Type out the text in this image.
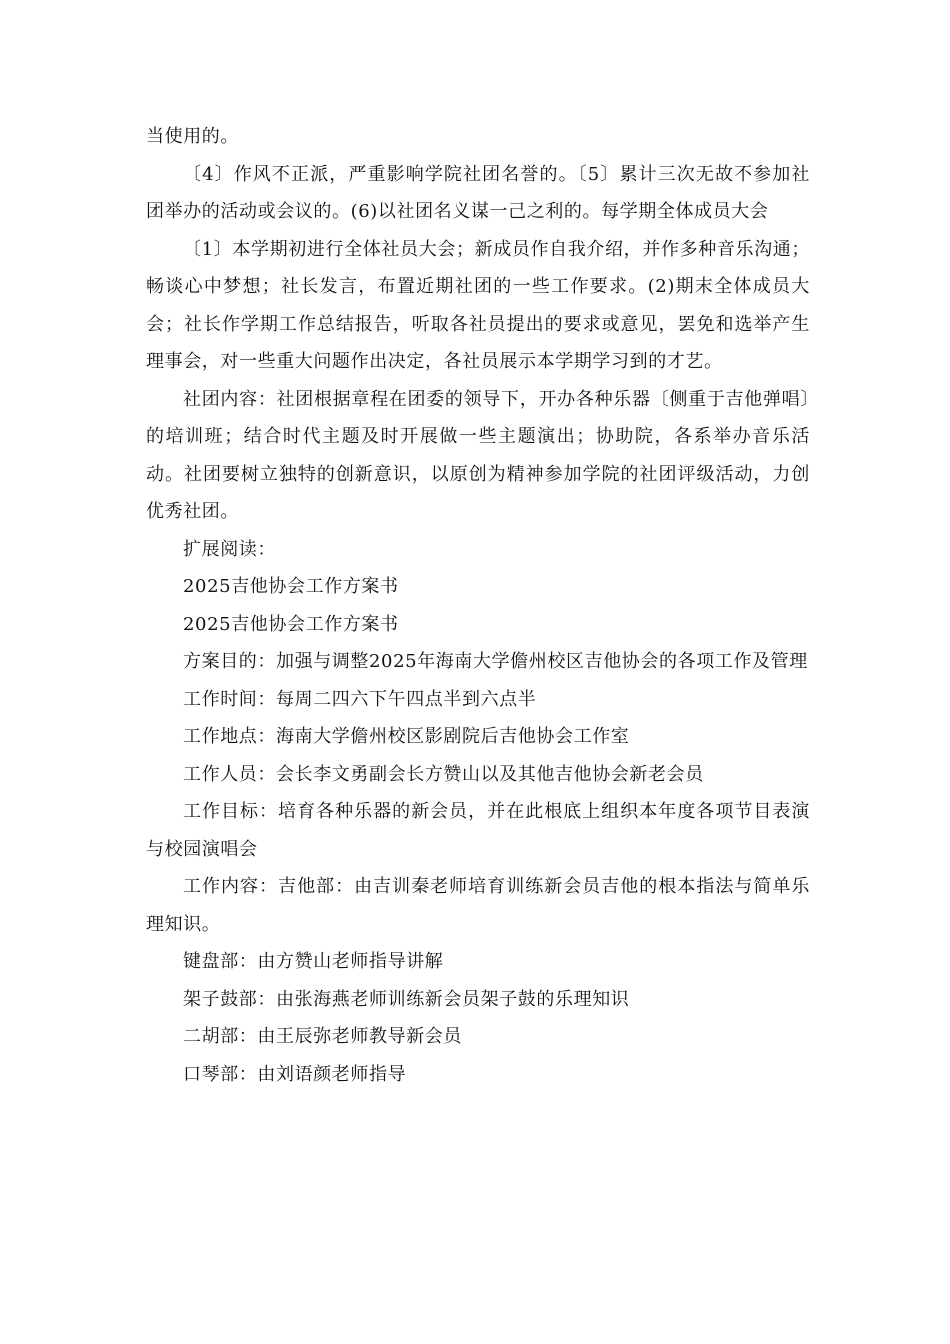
当使用的。

〔4〕作风不正派，严重影响学院社团名誉的。〔5〕累计三次无故不参加社团举办的活动或会议的。(6)以社团名义谋一己之利的。每学期全体成员大会

〔1〕本学期初进行全体社员大会；新成员作自我介绍，并作多种音乐沟通；畅谈心中梦想；社长发言，布置近期社团的一些工作要求。(2)期末全体成员大会；社长作学期工作总结报告，听取各社员提出的要求或意见，罢免和选举产生理事会，对一些重大问题作出决定，各社员展示本学期学习到的才艺。

社团内容：社团根据章程在团委的领导下，开办各种乐器〔侧重于吉他弹唱〕的培训班；结合时代主题及时开展做一些主题演出；协助院，各系举办音乐活动。社团要树立独特的创新意识，以原创为精神参加学院的社团评级活动，力创优秀社团。

扩展阅读：

2025吉他协会工作方案书

2025吉他协会工作方案书

方案目的：加强与调整2025年海南大学儋州校区吉他协会的各项工作及管理

工作时间：每周二四六下午四点半到六点半

工作地点：海南大学儋州校区影剧院后吉他协会工作室

工作人员：会长李文勇副会长方赞山以及其他吉他协会新老会员

工作目标：培育各种乐器的新会员，并在此根底上组织本年度各项节目表演与校园演唱会

工作内容：吉他部：由吉训秦老师培育训练新会员吉他的根本指法与简单乐理知识。

键盘部：由方赞山老师指导讲解

架子鼓部：由张海燕老师训练新会员架子鼓的乐理知识

二胡部：由王辰弥老师教导新会员

口琴部：由刘语颜老师指导
